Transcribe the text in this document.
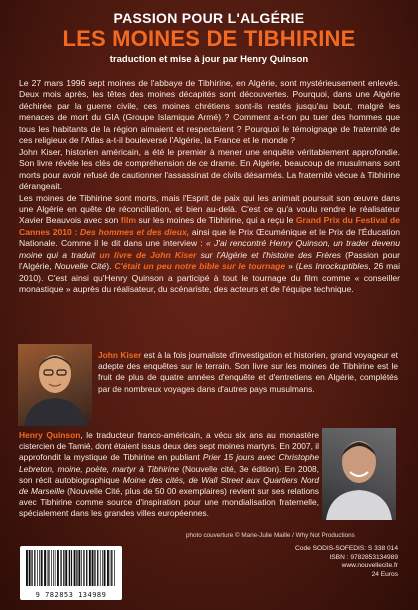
PASSION POUR L'ALGÉRIE
LES MOINES DE TIBHIRINE
traduction et mise à jour par Henry Quinson

Le 27 mars 1996 sept moines de l'abbaye de Tibhirine, en Algérie, sont mystérieusement enlevés. Deux mois après, les têtes des moines décapités sont découvertes. Pourquoi, dans une Algérie déchirée par la guerre civile, ces moines chrétiens sont-ils restés jusqu'au bout, malgré les menaces de mort du GIA (Groupe Islamique Armé) ? Comment a-t-on pu tuer des hommes que tous les habitants de la région aimaient et respectaient ? Pourquoi le témoignage de fraternité de ces religieux de l'Atlas a-t-il bouleversé l'Algérie, la France et le monde ?

John Kiser, historien américain, a été le premier à mener une enquête véritablement approfondie. Son livre révèle les clés de compréhension de ce drame. En Algérie, beaucoup de musulmans sont morts pour avoir refusé de cautionner l'assassinat de civils désarmés. La fraternité vécue à Tibhirine dérangeait.

Les moines de Tibhirine sont morts, mais l'Esprit de paix qui les animait poursuit son œuvre dans une Algérie en quête de réconciliation, et bien au-delà. C'est ce qu'a voulu rendre le réalisateur Xavier Beauvois avec son film sur les moines de Tibhirine, qui a reçu le Grand Prix du Festival de Cannes 2010 : Des hommes et des dieux, ainsi que le Prix Œcuménique et le Prix de l'Éducation Nationale. Comme il le dit dans une interview : « J'ai rencontré Henry Quinson, un trader devenu moine qui a traduit un livre de John Kiser sur l'Algérie et l'histoire des Frères (Passion pour l'Algérie, Nouvelle Cité). C'était un peu notre bible sur le tournage » (Les Inrockuptibles, 26 mai 2010). C'est ainsi qu'Henry Quinson a participé à tout le tournage du film comme « conseiller monastique » auprès du réalisateur, du scénariste, des acteurs et de l'équipe technique.

John Kiser est à la fois journaliste d'investigation et historien, grand voyageur et adepte des enquêtes sur le terrain. Son livre sur les moines de Tibhirine est le fruit de plus de quatre années d'enquête et d'entretiens en Algérie, complétés par de nombreux voyages dans d'autres pays musulmans.
Henry Quinson, le traducteur franco-américain, a vécu six ans au monastère cistercien de Tamié, dont étaient issus deux des sept moines martyrs. En 2007, il approfondit la mystique de Tibhirine en publiant Prier 15 jours avec Christophe Lebreton, moine, poète, martyr à Tibhirine (Nouvelle cité, 3e édition). En 2008, son récit autobiographique Moine des cités, de Wall Street aux Quartiers Nord de Marseille (Nouvelle Cité, plus de 50 00 exemplaires) revient sur ses relations avec Tibhirine comme source d'inspiration pour une mondialisation fraternelle, spécialement dans les grandes villes européennes.
photo couverture © Marie-Julie Maille / Why Not Productions
9 782853 134989
Code SODIS-SOFEDIS: S 338 014
ISBN : 9782853134989
www.nouvellecite.fr
24 Euros
